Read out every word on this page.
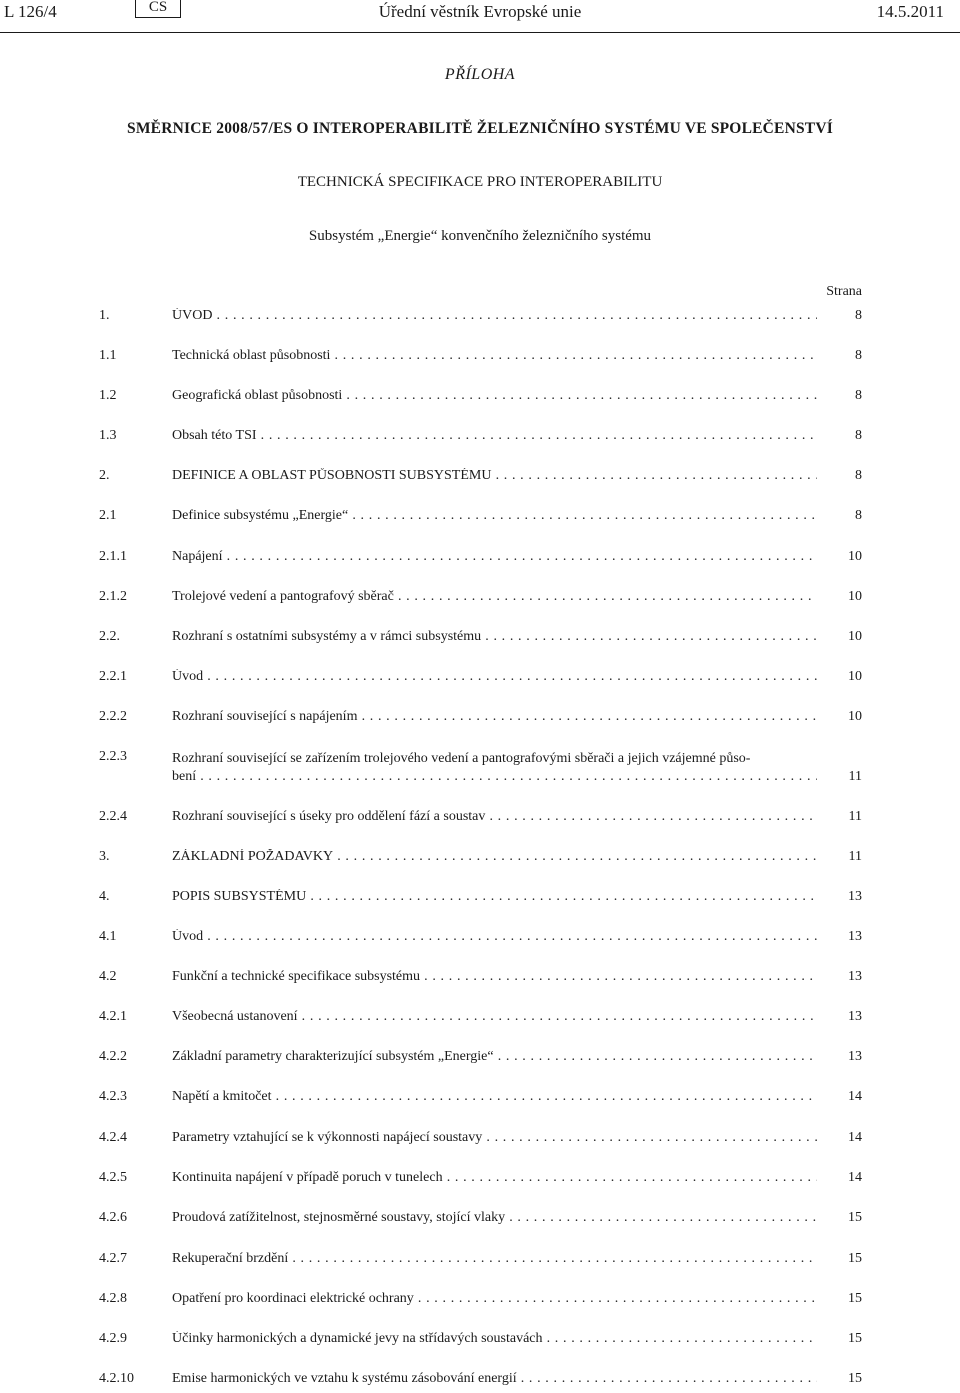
L 126/4	CS	Úřední věstník Evropské unie	14.5.2011
PŘÍLOHA
SMĚRNICE 2008/57/ES O INTEROPERABILITĚ ŽELEZNIČNÍHO SYSTÉMU VE SPOLEČENSTVÍ
TECHNICKÁ SPECIFIKACE PRO INTEROPERABILITU
Subsystém „Energie“ konvenčního železničního systému
Strana
1.	ÚVOD . . .	8
1.1	Technická oblast působnosti . . .	8
1.2	Geografická oblast působnosti . . .	8
1.3	Obsah této TSI . . .	8
2.	DEFINICE A OBLAST PŮSOBNOSTI SUBSYSTÉMU . . .	8
2.1	Definice subsystému „Energie“ . . .	8
2.1.1	Napájení . . .	10
2.1.2	Trolejové vedení a pantografový sběrač . . .	10
2.2.	Rozhraní s ostatními subsystémy a v rámci subsystému . . .	10
2.2.1	Úvod . . .	10
2.2.2	Rozhraní související s napájením . . .	10
2.2.3	Rozhraní související se zařízením trolejového vedení a pantografovými sběrači a jejich vzájemné půso-
bení . . .	11
2.2.4	Rozhraní související s úseky pro oddělení fází a soustav . . .	11
3.	ZÁKLADNÍ POŽADAVKY . . .	11
4.	POPIS SUBSYSTÉMU . . .	13
4.1	Úvod . . .	13
4.2	Funkční a technické specifikace subsystému . . .	13
4.2.1	Všeobecná ustanovení . . .	13
4.2.2	Základní parametry charakterizující subsystém „Energie“ . . .	13
4.2.3	Napětí a kmitočet . . .	14
4.2.4	Parametry vztahující se k výkonnosti napájecí soustavy . . .	14
4.2.5	Kontinuita napájení v případě poruch v tunelech . . .	14
4.2.6	Proudová zatížitelnost, stejnosměrné soustavy, stojící vlaky . . .	15
4.2.7	Rekuperační brzdění . . .	15
4.2.8	Opatření pro koordinaci elektrické ochrany . . .	15
4.2.9	Účinky harmonických a dynamické jevy na střídavých soustavách . . .	15
4.2.10	Emise harmonických ve vztahu k systému zásobování energií . . .	15
